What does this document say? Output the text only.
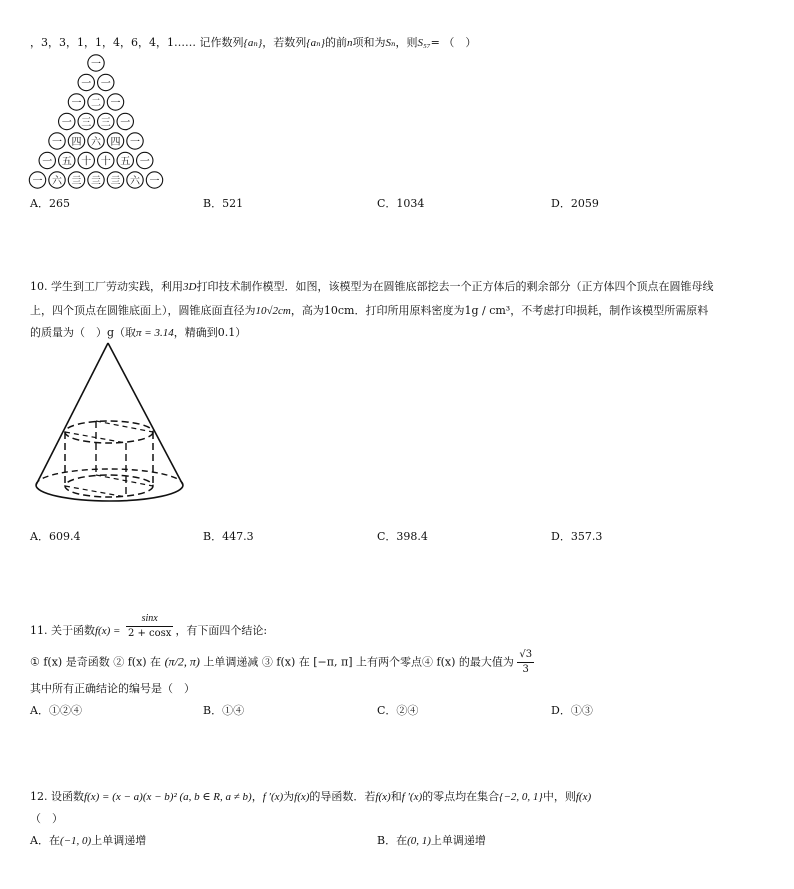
，3，3，1，1，4，6，4，1…… 记作数列{aₙ}，若数列{aₙ}的前n项和为Sₙ，则S₅₇= （　）
一
一 一
一 二 一
一 三 三 一
一 四 六 四 一
一 五 十 十 五 一
一 六 亖 亖 亖 六 一
A．265	B．521	C．1034	D．2059
10. 学生到工厂劳动实践，利用3D打印技术制作模型．如图，该模型为在圆锥底部挖去一个正方体后的剩余部分（正方体四个顶点在圆锥母线
上，四个顶点在圆锥底面上），圆锥底面直径为10√2cm，高为10cm．打印所用原料密度为1g / cm³，不考虑打印损耗，制作该模型所需原料
的质量为（　）g（取π = 3.14，精确到0.1）
A．609.4	B．447.3	C．398.4	D．357.3
11. 关于函数$f(x) = \frac{\sin x}{2 + \cos x}$ ，有下面四个结论:
① f(x) 是奇函数 ② f(x) 在 (π/2, π) 上单调递减 ③ f(x) 在 [−π, π] 上有两个零点④ f(x) 的最大值为 $\frac{√3}{3}$
其中所有正确结论的编号是（　）
A．①②④	B．①④	C．②④	D．①③
12. 设函数f(x) = (x − a)(x − b)² (a, b ∈ R, a ≠ b)，f ′(x)为f(x)的导函数．若f(x)和f ′(x)的零点均在集合{−2, 0, 1}中，则f(x)
（　）
A．在(−1, 0)上单调递增	B．在(0, 1)上单调递增
